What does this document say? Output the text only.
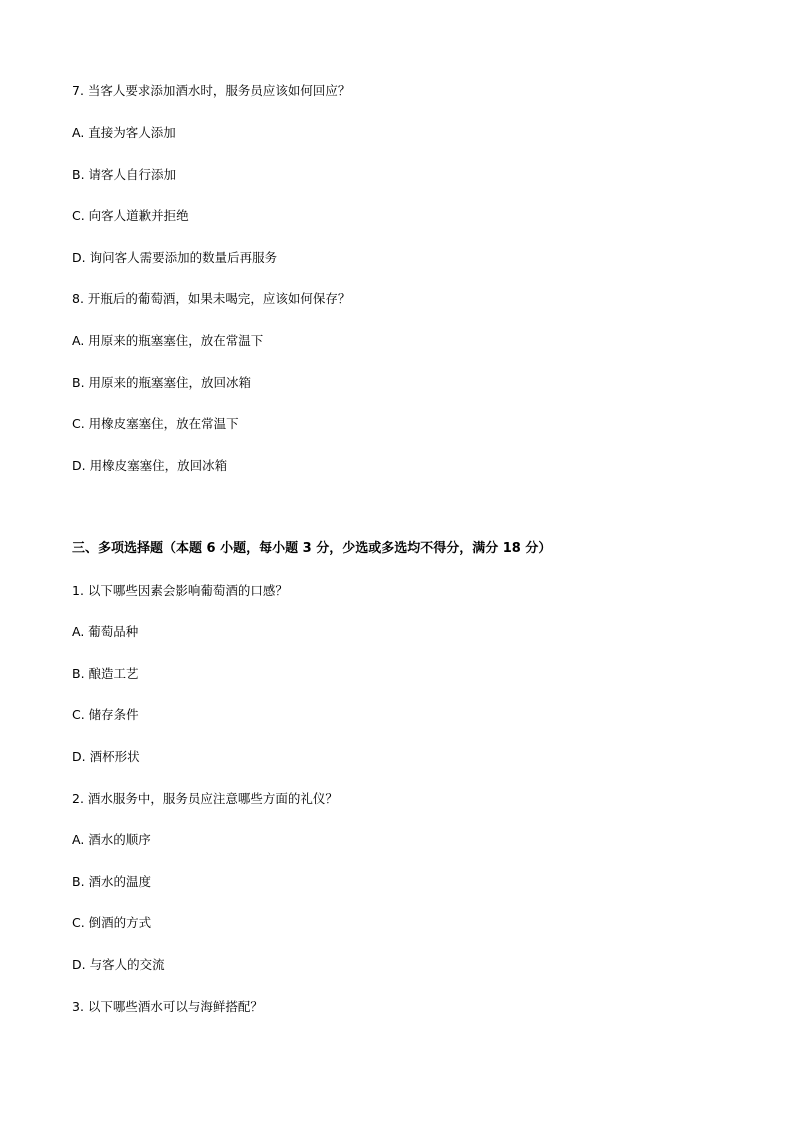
7. 当客人要求添加酒水时，服务员应该如何回应？
A. 直接为客人添加
B. 请客人自行添加
C. 向客人道歉并拒绝
D. 询问客人需要添加的数量后再服务
8. 开瓶后的葡萄酒，如果未喝完，应该如何保存？
A. 用原来的瓶塞塞住，放在常温下
B. 用原来的瓶塞塞住，放回冰箱
C. 用橡皮塞塞住，放在常温下
D. 用橡皮塞塞住，放回冰箱
三、多项选择题（本题 6 小题，每小题 3 分，少选或多选均不得分，满分 18 分）
1. 以下哪些因素会影响葡萄酒的口感？
A. 葡萄品种
B. 酿造工艺
C. 储存条件
D. 酒杯形状
2. 酒水服务中，服务员应注意哪些方面的礼仪？
A. 酒水的顺序
B. 酒水的温度
C. 倒酒的方式
D. 与客人的交流
3. 以下哪些酒水可以与海鲜搭配？
